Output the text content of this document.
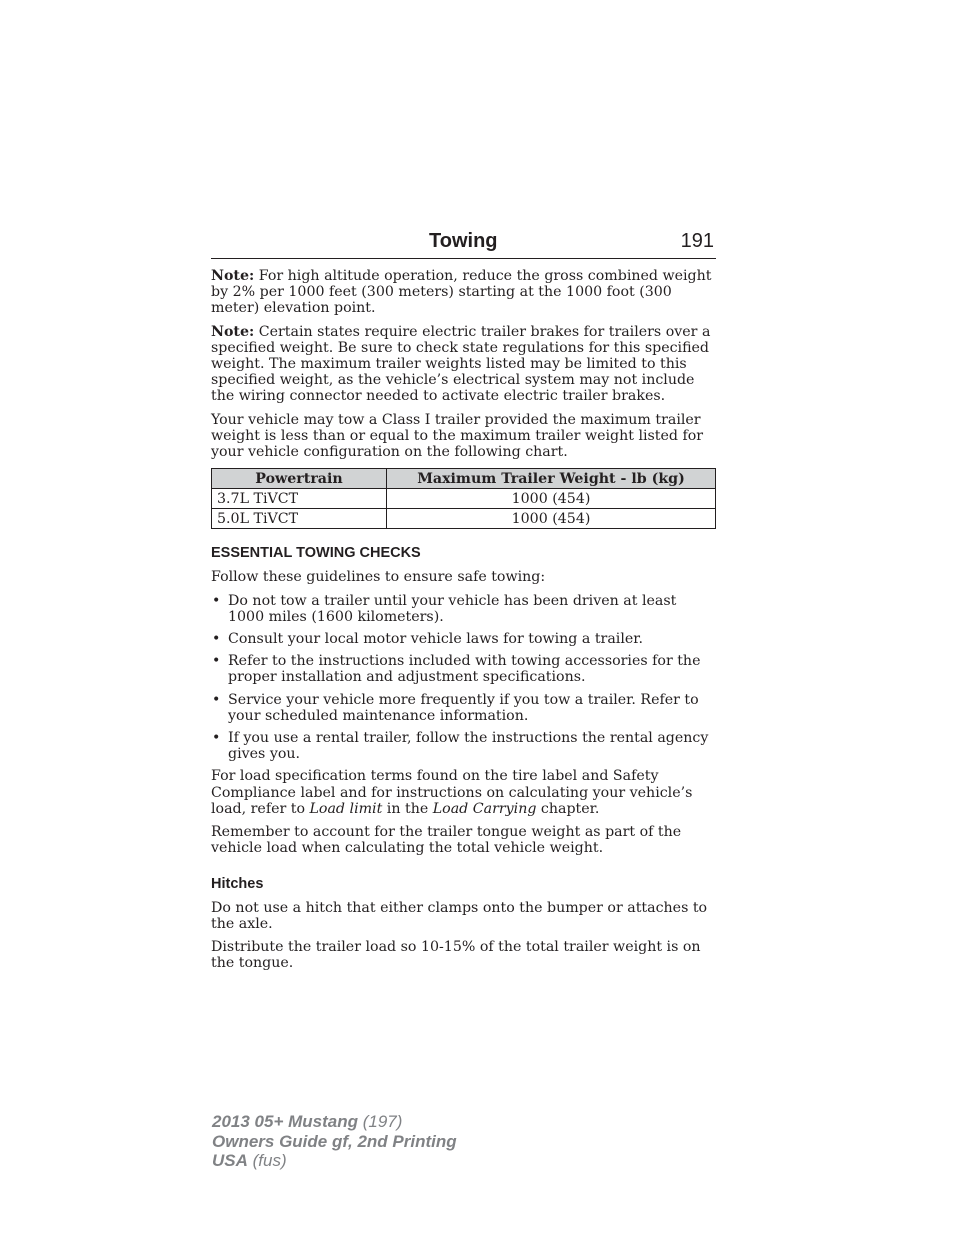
Towing	191

Note: For high altitude operation, reduce the gross combined weight by 2% per 1000 feet (300 meters) starting at the 1000 foot (300 meter) elevation point.

Note: Certain states require electric trailer brakes for trailers over a specified weight. Be sure to check state regulations for this specified weight. The maximum trailer weights listed may be limited to this specified weight, as the vehicle’s electrical system may not include the wiring connector needed to activate electric trailer brakes.

Your vehicle may tow a Class I trailer provided the maximum trailer weight is less than or equal to the maximum trailer weight listed for your vehicle configuration on the following chart.

Powertrain	Maximum Trailer Weight - lb (kg)
3.7L TiVCT	1000 (454)
5.0L TiVCT	1000 (454)
ESSENTIAL TOWING CHECKS

Follow these guidelines to ensure safe towing:

• Do not tow a trailer until your vehicle has been driven at least 1000 miles (1600 kilometers).
• Consult your local motor vehicle laws for towing a trailer.
• Refer to the instructions included with towing accessories for the proper installation and adjustment specifications.
• Service your vehicle more frequently if you tow a trailer. Refer to your scheduled maintenance information.
• If you use a rental trailer, follow the instructions the rental agency gives you.

For load specification terms found on the tire label and Safety Compliance label and for instructions on calculating your vehicle’s load, refer to Load limit in the Load Carrying chapter.

Remember to account for the trailer tongue weight as part of the vehicle load when calculating the total vehicle weight.

Hitches

Do not use a hitch that either clamps onto the bumper or attaches to the axle.

Distribute the trailer load so 10-15% of the total trailer weight is on the tongue.

2013 05+ Mustang (197)
Owners Guide gf, 2nd Printing
USA (fus)
